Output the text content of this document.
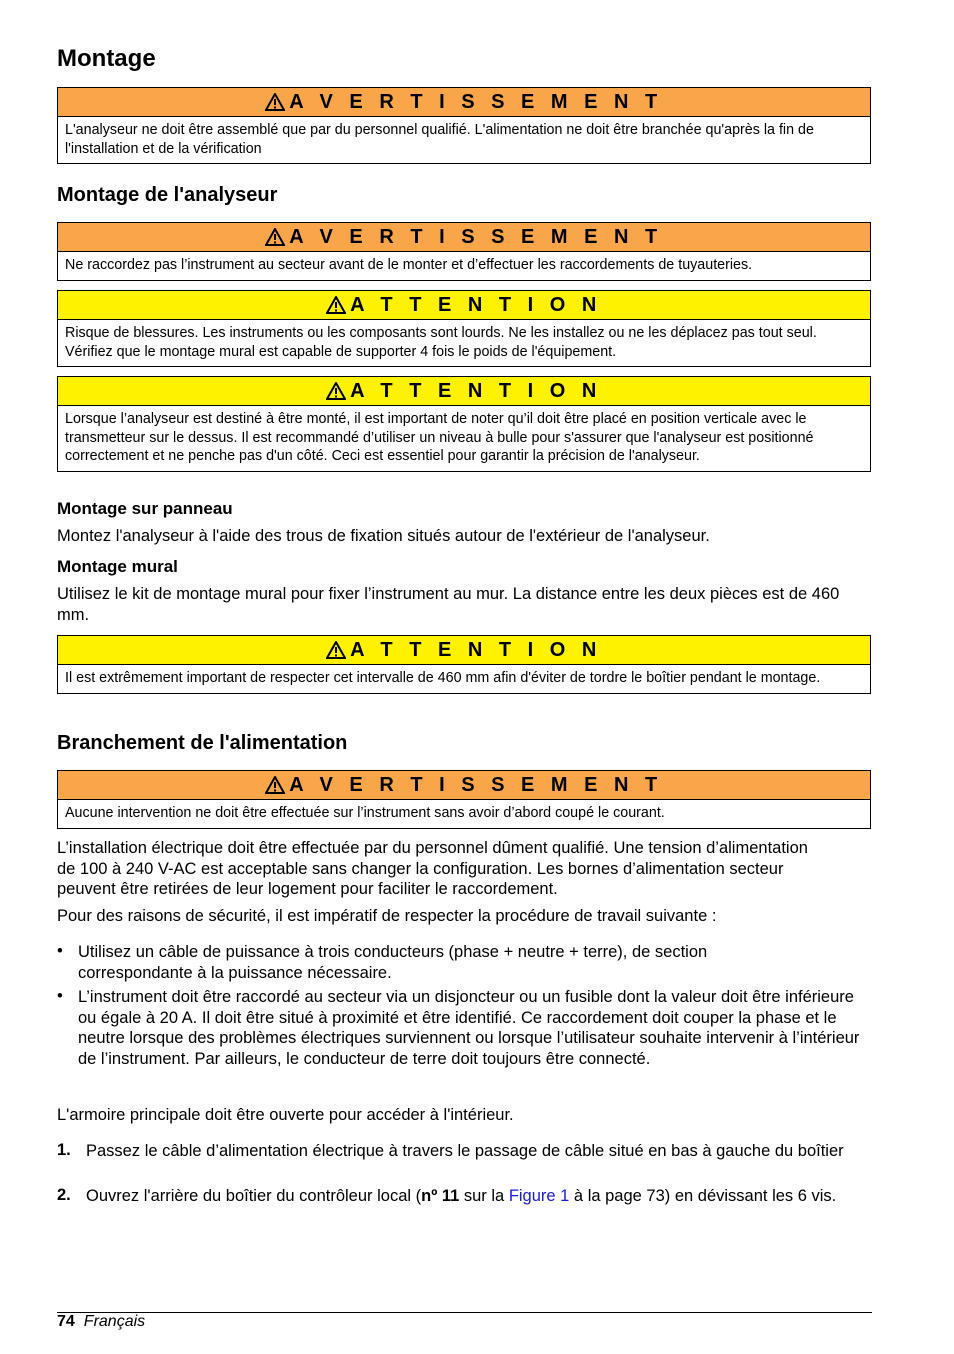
Montage
A V E R T I S S E M E N T
L'analyseur ne doit être assemblé que par du personnel qualifié. L'alimentation ne doit être branchée qu'après la fin de l'installation et de la vérification
Montage de l'analyseur
A V E R T I S S E M E N T
Ne raccordez pas l’instrument au secteur avant de le monter et d’effectuer les raccordements de tuyauteries.
A T T E N T I O N
Risque de blessures. Les instruments ou les composants sont lourds. Ne les installez ou ne les déplacez pas tout seul. Vérifiez que le montage mural est capable de supporter 4 fois le poids de l'équipement.
A T T E N T I O N
Lorsque l’analyseur est destiné à être monté, il est important de noter qu’il doit être placé en position verticale avec le transmetteur sur le dessus. Il est recommandé d’utiliser un niveau à bulle pour s'assurer que l'analyseur est positionné correctement et ne penche pas d'un côté. Ceci est essentiel pour garantir la précision de l'analyseur.
Montage sur panneau
Montez l'analyseur à l'aide des trous de fixation situés autour de l'extérieur de l'analyseur.
Montage mural
Utilisez le kit de montage mural pour fixer l’instrument au mur. La distance entre les deux pièces est de 460 mm.
A T T E N T I O N
Il est extrêmement important de respecter cet intervalle de 460 mm afin d'éviter de tordre le boîtier pendant le montage.
Branchement de l'alimentation
A V E R T I S S E M E N T
Aucune intervention ne doit être effectuée sur l’instrument sans avoir d’abord coupé le courant.
L’installation électrique doit être effectuée par du personnel dûment qualifié. Une tension d’alimentation de 100 à 240 V-AC est acceptable sans changer la configuration. Les bornes d’alimentation secteur peuvent être retirées de leur logement pour faciliter le raccordement.
Pour des raisons de sécurité, il est impératif de respecter la procédure de travail suivante :
• Utilisez un câble de puissance à trois conducteurs (phase + neutre + terre), de section correspondante à la puissance nécessaire.
• L’instrument doit être raccordé au secteur via un disjoncteur ou un fusible dont la valeur doit être inférieure ou égale à 20 A. Il doit être situé à proximité et être identifié. Ce raccordement doit couper la phase et le neutre lorsque des problèmes électriques surviennent ou lorsque l’utilisateur souhaite intervenir à l’intérieur de l’instrument. Par ailleurs, le conducteur de terre doit toujours être connecté.
L'armoire principale doit être ouverte pour accéder à l'intérieur.
1. Passez le câble d’alimentation électrique à travers le passage de câble situé en bas à gauche du boîtier
2. Ouvrez l'arrière du boîtier du contrôleur local (nº 11 sur la Figure 1 à la page 73) en dévissant les 6 vis.
74 Français
